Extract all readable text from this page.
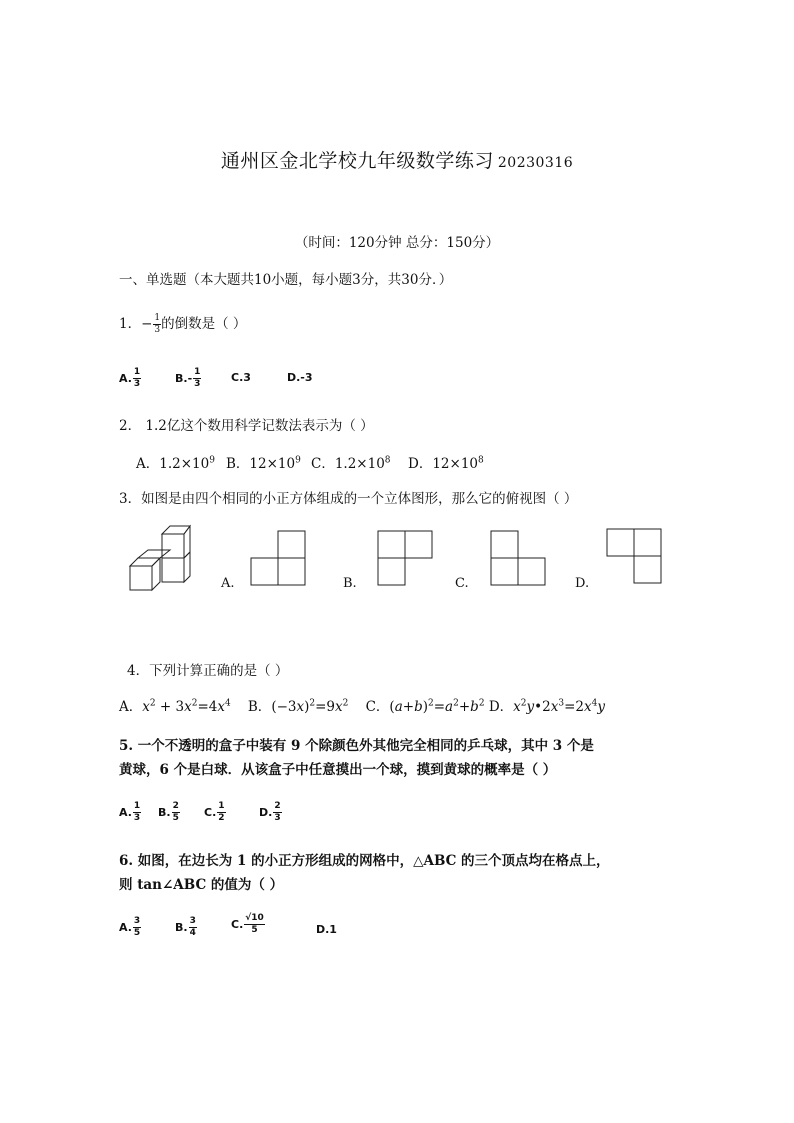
通州区金北学校九年级数学练习 20230316
（时间：120分钟 总分：150分）
一、单选题（本大题共10小题，每小题3分，共30分．）
1．− $\frac{1}{3}$ 的倒数是（ ）
A. $\frac{1}{3}$	$B.- \frac{1}{3}$	C.3	D.-3
2． 1.2亿这个数用科学记数法表示为（ ）
A．$1.2\times 10^9$ B．$12\times 10^9$ C．$1.2\times 10^8$ D．$12\times 10^8$
3．如图是由四个相同的小正方体组成的一个立体图形，那么它的俯视图（ ）
A.	B.	C.	D.
4．下列计算正确的是（ ）
A．$x^2 + 3x^2=4x^4$ B．$(-3x)^2=9x^2$ C．$(a+b)^2=a^2+b^2$ D．$x^2y•2x^3=2x^4y$
5. 一个不透明的盒子中装有 9 个除颜色外其他完全相同的乒乓球，其中 3 个是
黄球，6 个是白球．从该盒子中任意摸出一个球，摸到黄球的概率是（ ）
A. $\frac{1}{3} B$. $\frac{2}{5} C$. $\frac{1}{2}$	D. $\frac{2}{3}$
6. 如图，在边长为 1 的小正方形组成的网格中，△ABC 的三个顶点均在格点上，
则 tan∠ABC 的值为（ ）
A. $\frac{3}{5}$	B. $\frac{3}{4}$	C. $\frac{√10}{5}$	D.1
